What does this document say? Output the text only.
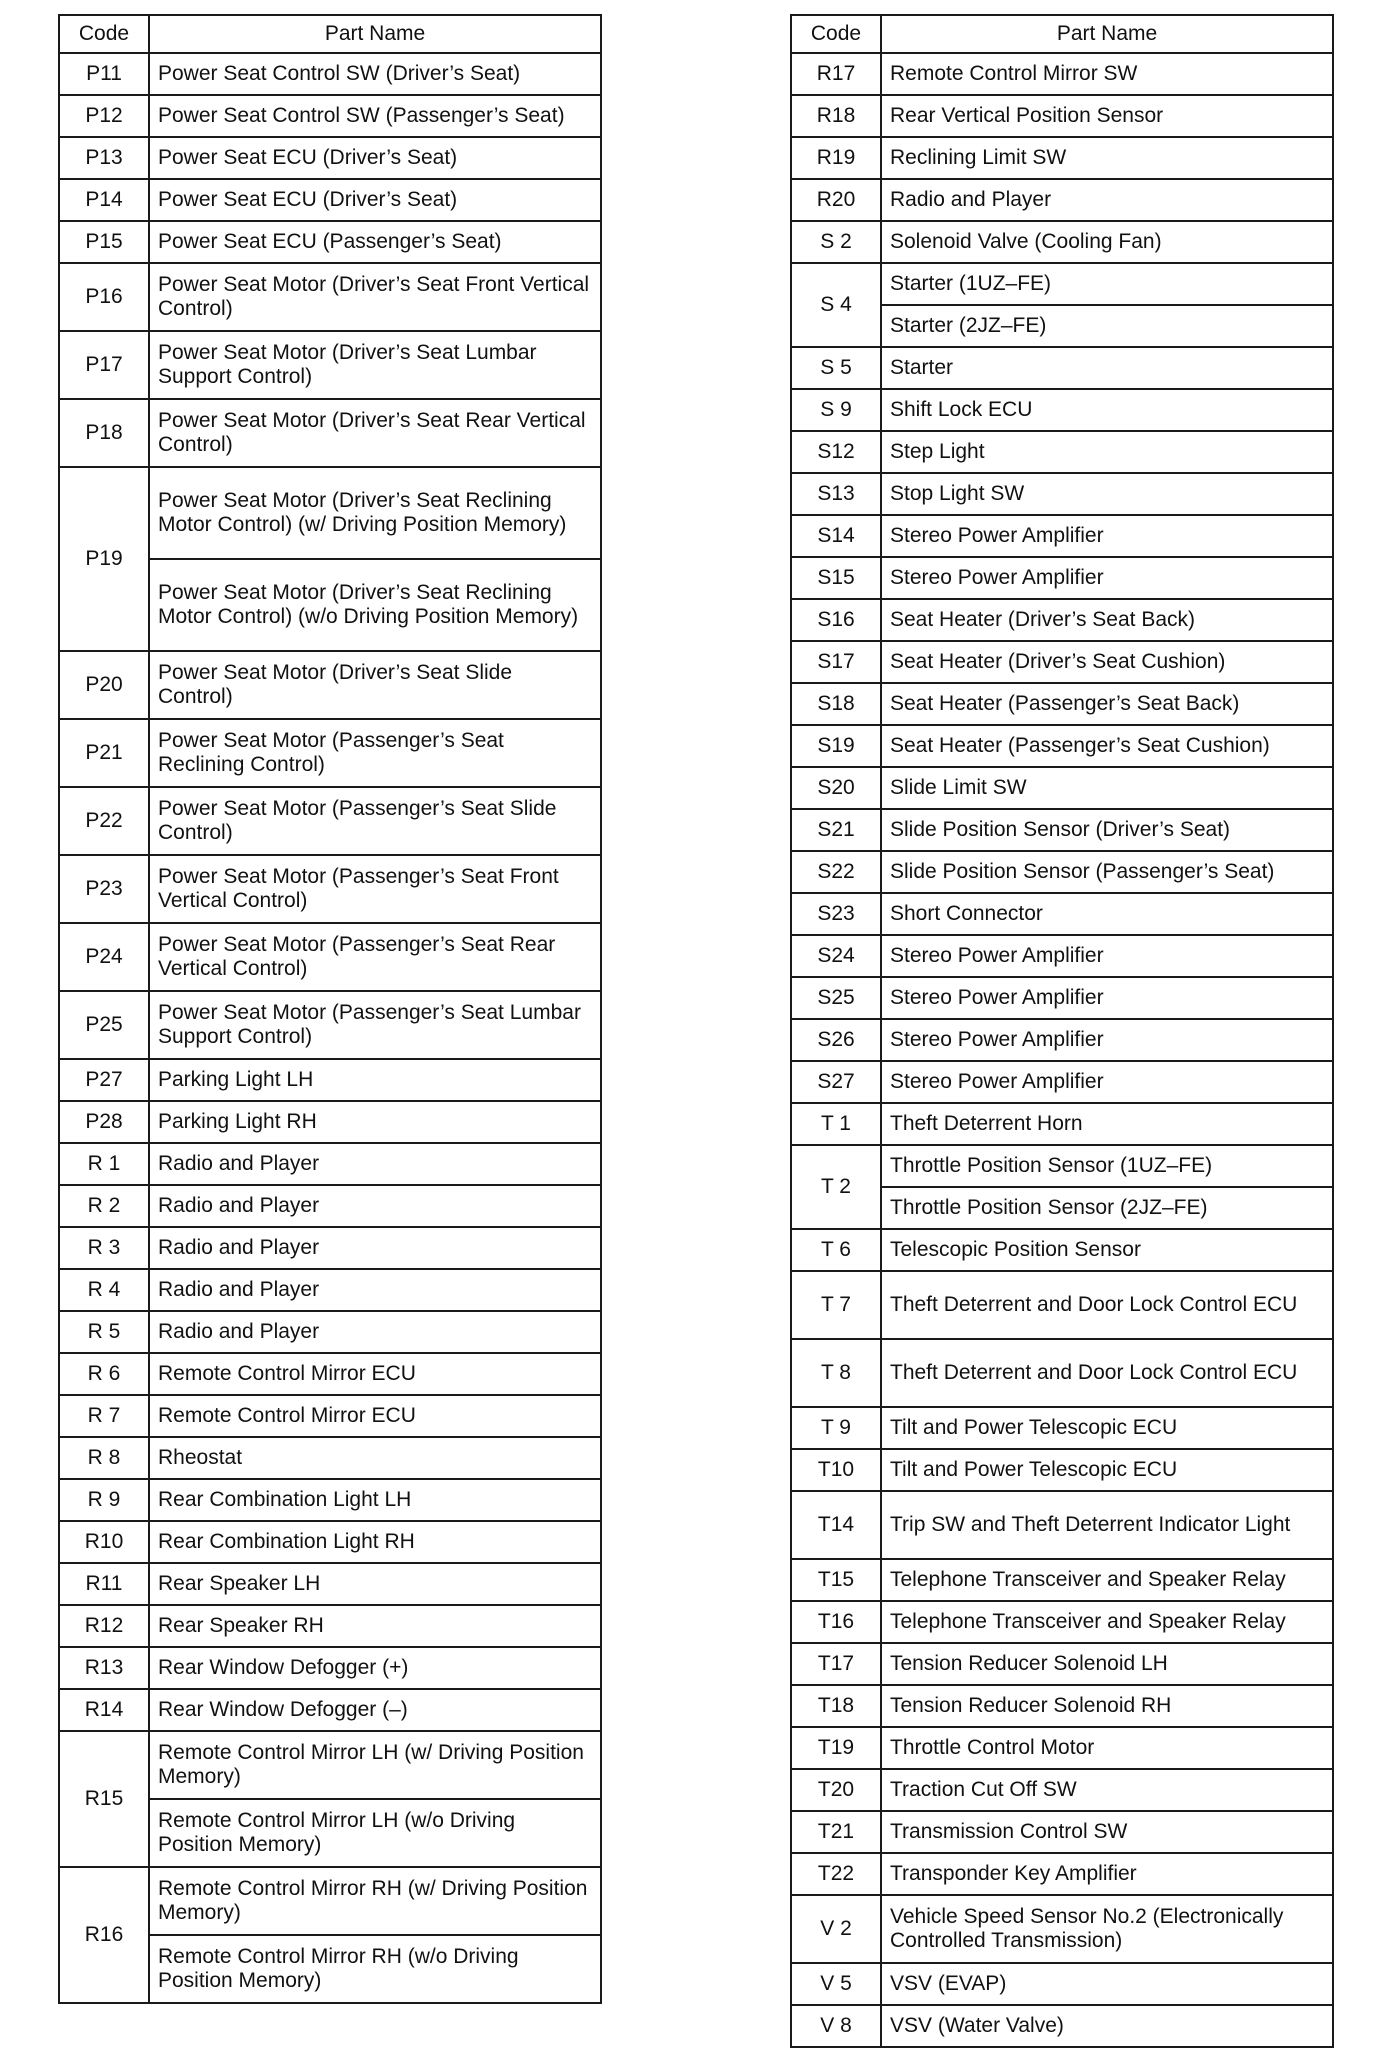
Code	Part Name
P11	Power Seat Control SW (Driver’s Seat)
P12	Power Seat Control SW (Passenger’s Seat)
P13	Power Seat ECU (Driver’s Seat)
P14	Power Seat ECU (Driver’s Seat)
P15	Power Seat ECU (Passenger’s Seat)
P16	Power Seat Motor (Driver’s Seat Front Vertical Control)
P17	Power Seat Motor (Driver’s Seat Lumbar Support Control)
P18	Power Seat Motor (Driver’s Seat Rear Vertical Control)
P19	Power Seat Motor (Driver’s Seat Reclining Motor Control) (w/ Driving Position Memory)
	Power Seat Motor (Driver’s Seat Reclining Motor Control) (w/o Driving Position Memory)
P20	Power Seat Motor (Driver’s Seat Slide Control)
P21	Power Seat Motor (Passenger’s Seat Reclining Control)
P22	Power Seat Motor (Passenger’s Seat Slide Control)
P23	Power Seat Motor (Passenger’s Seat Front Vertical Control)
P24	Power Seat Motor (Passenger’s Seat Rear Vertical Control)
P25	Power Seat Motor (Passenger’s Seat Lumbar Support Control)
P27	Parking Light LH
P28	Parking Light RH
R 1	Radio and Player
R 2	Radio and Player
R 3	Radio and Player
R 4	Radio and Player
R 5	Radio and Player
R 6	Remote Control Mirror ECU
R 7	Remote Control Mirror ECU
R 8	Rheostat
R 9	Rear Combination Light LH
R10	Rear Combination Light RH
R11	Rear Speaker LH
R12	Rear Speaker RH
R13	Rear Window Defogger (+)
R14	Rear Window Defogger (–)
R15	Remote Control Mirror LH (w/ Driving Position Memory)
	Remote Control Mirror LH (w/o Driving Position Memory)
R16	Remote Control Mirror RH (w/ Driving Position Memory)
	Remote Control Mirror RH (w/o Driving Position Memory)
Code	Part Name
R17	Remote Control Mirror SW
R18	Rear Vertical Position Sensor
R19	Reclining Limit SW
R20	Radio and Player
S 2	Solenoid Valve (Cooling Fan)
S 4	Starter (1UZ–FE)
	Starter (2JZ–FE)
S 5	Starter
S 9	Shift Lock ECU
S12	Step Light
S13	Stop Light SW
S14	Stereo Power Amplifier
S15	Stereo Power Amplifier
S16	Seat Heater (Driver’s Seat Back)
S17	Seat Heater (Driver’s Seat Cushion)
S18	Seat Heater (Passenger’s Seat Back)
S19	Seat Heater (Passenger’s Seat Cushion)
S20	Slide Limit SW
S21	Slide Position Sensor (Driver’s Seat)
S22	Slide Position Sensor (Passenger’s Seat)
S23	Short Connector
S24	Stereo Power Amplifier
S25	Stereo Power Amplifier
S26	Stereo Power Amplifier
S27	Stereo Power Amplifier
T 1	Theft Deterrent Horn
T 2	Throttle Position Sensor (1UZ–FE)
	Throttle Position Sensor (2JZ–FE)
T 6	Telescopic Position Sensor
T 7	Theft Deterrent and Door Lock Control ECU
T 8	Theft Deterrent and Door Lock Control ECU
T 9	Tilt and Power Telescopic ECU
T10	Tilt and Power Telescopic ECU
T14	Trip SW and Theft Deterrent Indicator Light
T15	Telephone Transceiver and Speaker Relay
T16	Telephone Transceiver and Speaker Relay
T17	Tension Reducer Solenoid LH
T18	Tension Reducer Solenoid RH
T19	Throttle Control Motor
T20	Traction Cut Off SW
T21	Transmission Control SW
T22	Transponder Key Amplifier
V 2	Vehicle Speed Sensor No.2 (Electronically Controlled Transmission)
V 5	VSV (EVAP)
V 8	VSV (Water Valve)
